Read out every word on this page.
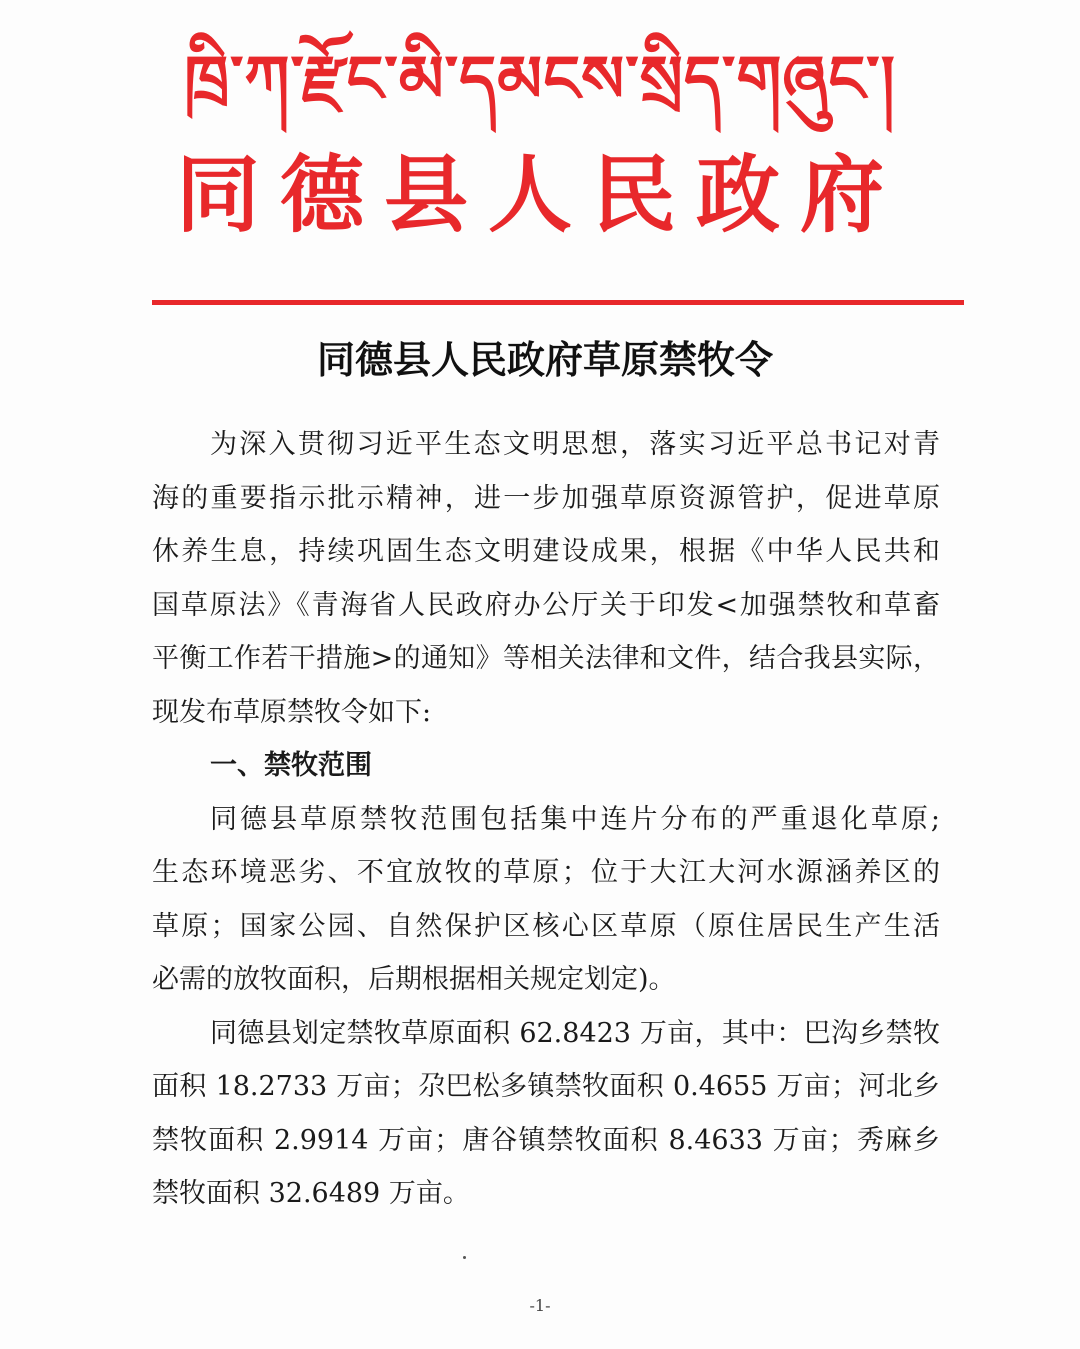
ཁྲི་ཀ་རྫོང་མི་དམངས་སྲིད་གཞུང་།
同德县人民政府
同德县人民政府草原禁牧令
为深入贯彻习近平生态文明思想，落实习近平总书记对青
海的重要指示批示精神，进一步加强草原资源管护，促进草原
休养生息，持续巩固生态文明建设成果，根据《中华人民共和
国草原法》《青海省人民政府办公厅关于印发<加强禁牧和草畜
平衡工作若干措施>的通知》等相关法律和文件，结合我县实际，
现发布草原禁牧令如下:
一、禁牧范围
同德县草原禁牧范围包括集中连片分布的严重退化草原;
生态环境恶劣、不宜放牧的草原；位于大江大河水源涵养区的
草原；国家公园、自然保护区核心区草原（原住居民生产生活
必需的放牧面积，后期根据相关规定划定)。
同德县划定禁牧草原面积 62.8423 万亩，其中：巴沟乡禁牧
面积 18.2733 万亩；尕巴松多镇禁牧面积 0.4655 万亩；河北乡
禁牧面积 2.9914 万亩；唐谷镇禁牧面积 8.4633 万亩；秀麻乡
禁牧面积 32.6489 万亩。
-1-
